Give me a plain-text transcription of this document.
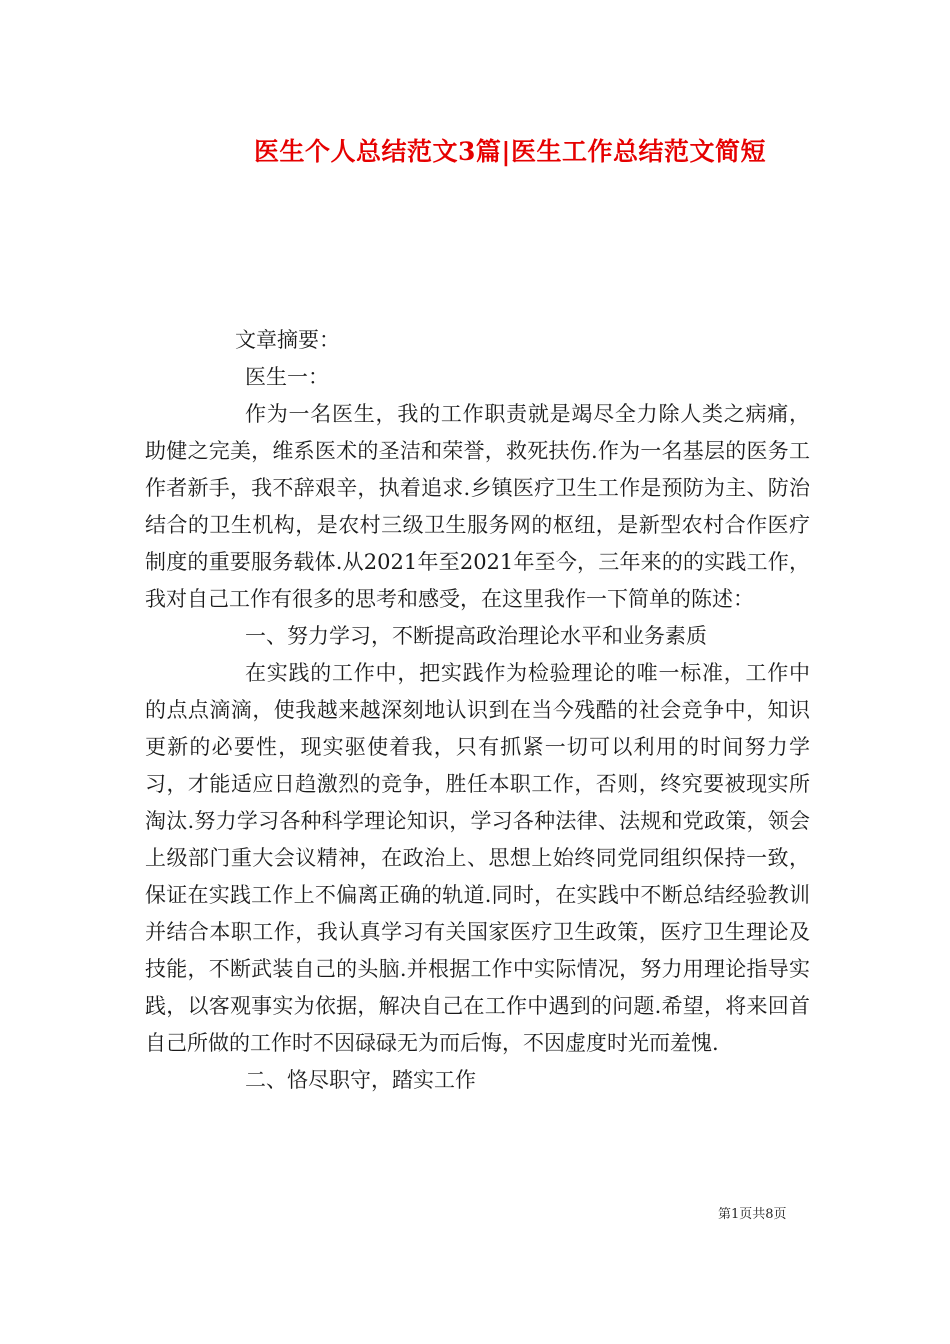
医生个人总结范文3篇|医生工作总结范文简短

文章摘要：

医生一：

作为一名医生，我的工作职责就是竭尽全力除人类之病痛，助健之完美，维系医术的圣洁和荣誉，救死扶伤.作为一名基层的医务工作者新手，我不辞艰辛，执着追求.乡镇医疗卫生工作是预防为主、防治结合的卫生机构，是农村三级卫生服务网的枢纽，是新型农村合作医疗制度的重要服务载体.从2021年至2021年至今，三年来的的实践工作，我对自己工作有很多的思考和感受，在这里我作一下简单的陈述：

一、努力学习，不断提高政治理论水平和业务素质

在实践的工作中，把实践作为检验理论的唯一标准，工作中的点点滴滴，使我越来越深刻地认识到在当今残酷的社会竞争中，知识更新的必要性，现实驱使着我，只有抓紧一切可以利用的时间努力学习，才能适应日趋激烈的竞争，胜任本职工作，否则，终究要被现实所淘汰.努力学习各种科学理论知识，学习各种法律、法规和党政策，领会上级部门重大会议精神，在政治上、思想上始终同党同组织保持一致，保证在实践工作上不偏离正确的轨道.同时，在实践中不断总结经验教训并结合本职工作，我认真学习有关国家医疗卫生政策，医疗卫生理论及技能，不断武装自己的头脑.并根据工作中实际情况，努力用理论指导实践，以客观事实为依据，解决自己在工作中遇到的问题.希望，将来回首自己所做的工作时不因碌碌无为而后悔，不因虚度时光而羞愧.

二、恪尽职守，踏实工作

第1页共8页
